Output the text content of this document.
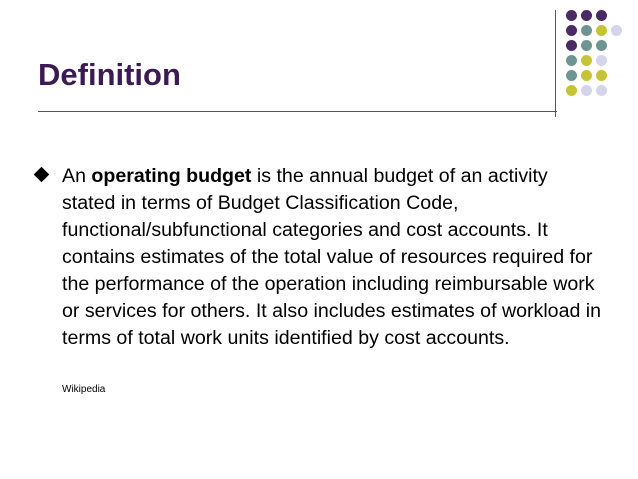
Definition

An operating budget is the annual budget of an activity stated in terms of Budget Classification Code, functional/subfunctional categories and cost accounts. It contains estimates of the total value of resources required for the performance of the operation including reimbursable work or services for others. It also includes estimates of workload in terms of total work units identified by cost accounts.

Wikipedia
